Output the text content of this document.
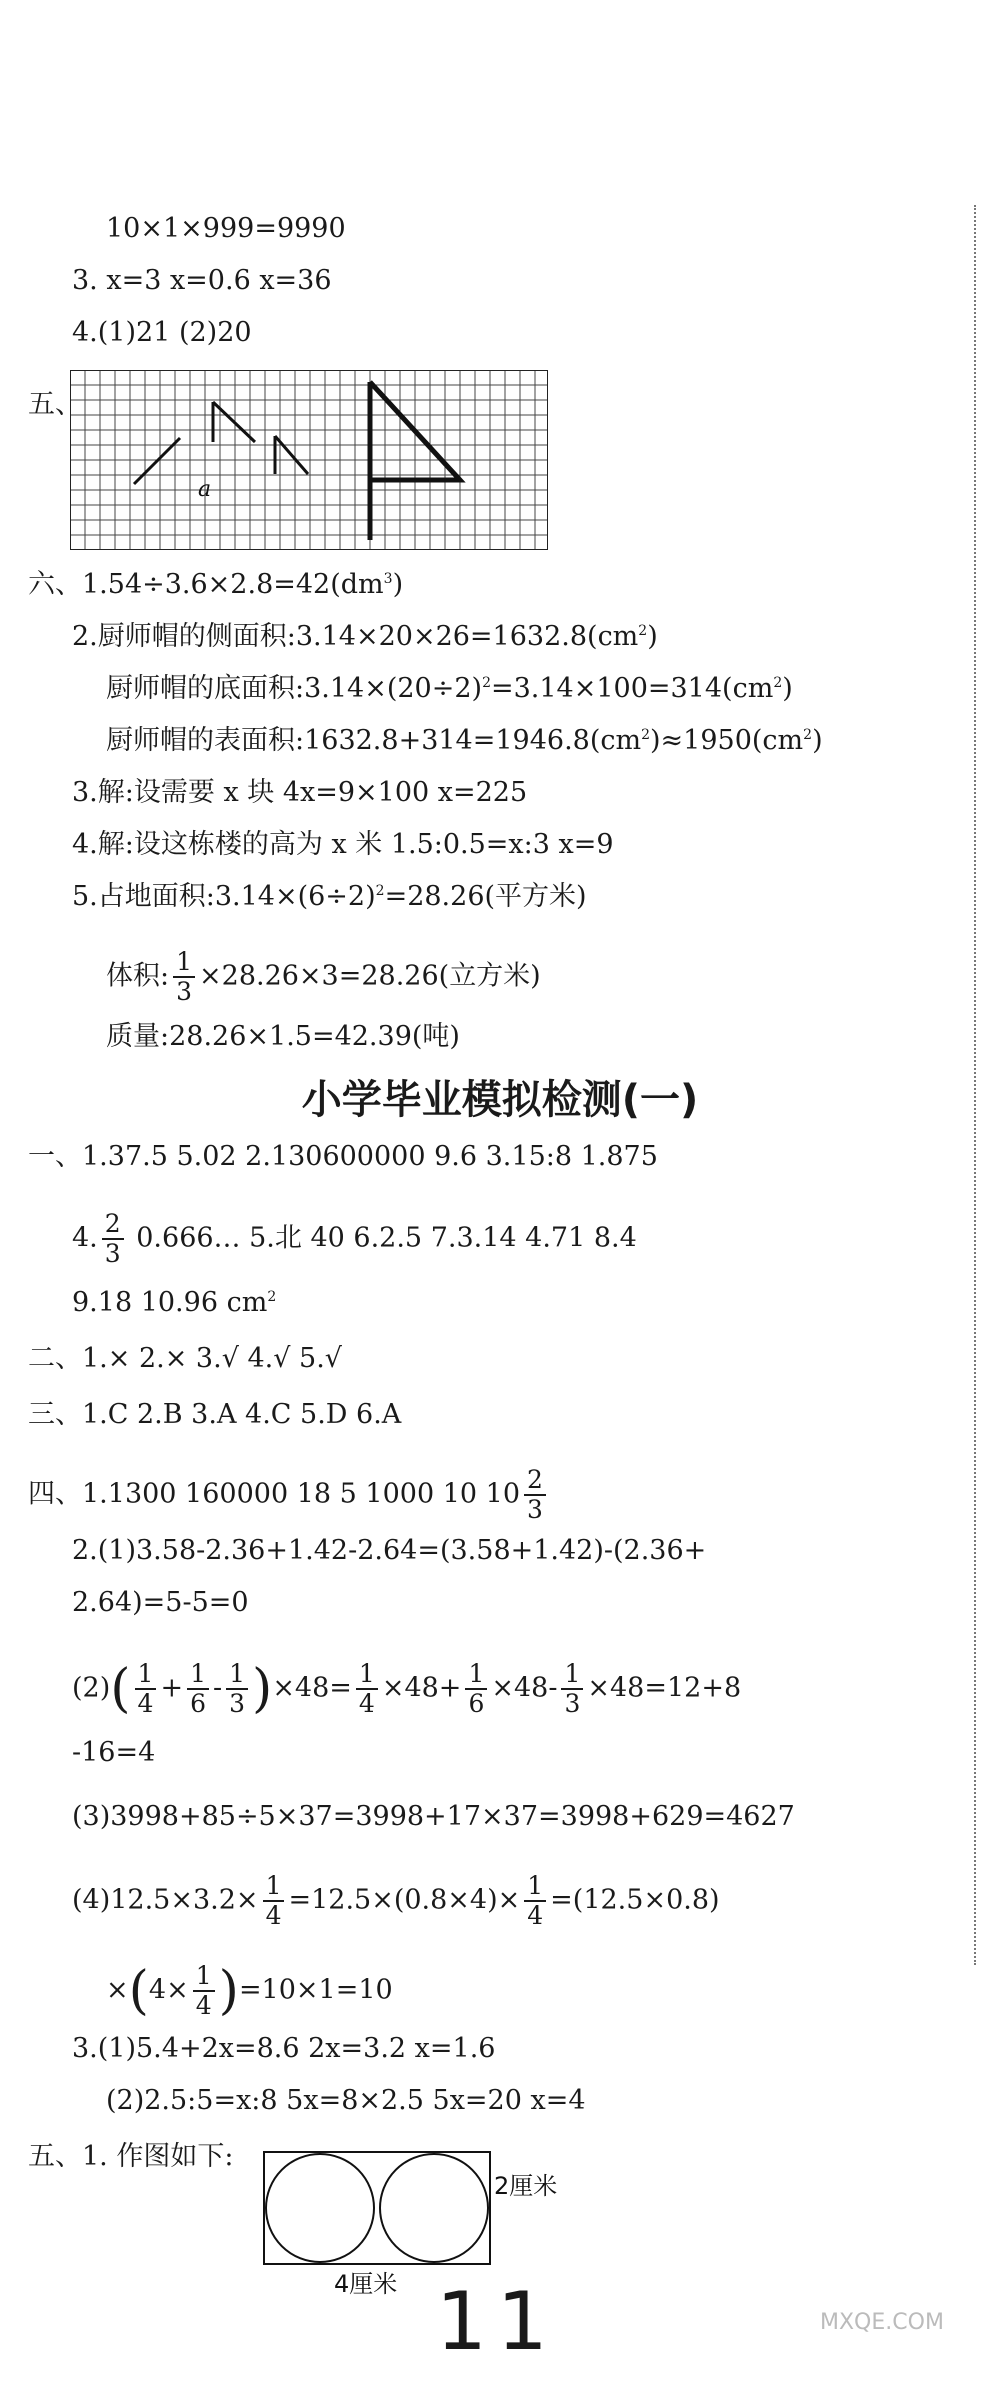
10×1×999=9990
3. x=3 x=0.6 x=36
4.(1)21 (2)20
五、
a
六、$1.54\div 3.6\times 2.8=42(dm^3)$
2.厨师帽的侧面积$:3.14\times 20\times 26=1632.8(cm^2)$
厨师帽的底面积$:3.14\times(20\div 2)^2=3.14\times 100=314(cm^2)$
厨师帽的表面积$:1632.8+314=1946.8(cm^2)\approx 1950(cm^2)$
3.解:设需要 x 块 4x=9×100 x=225
4.解:设这栋楼的高为 x 米 1.5:0.5=x:3 x=9
5.占地面积$:3.14\times(6\div 2)^2=28.26$(平方米)
体积: $\frac{1}{3} \times 28.26\times 3=28.26$(立方米)
质量:28.26×1.5=42.39(吨)
小学毕业模拟检测(一)
一、1.37.5 5.02 2.130600000 9.6 3.15:8 1.875
4. $\frac{2}{3}$ 0.666… 5.北 40 6.2.5 7.3.14 4.71 8.4
9.18 10.96 $cm^2$
二、1.× 2.× 3.√ 4.√ 5.√
三、1.C 2.B 3.A 4.C 5.D 6.A
四、1.1300 160000 18 5 1000 10 $10 \frac{2}{3}$
2.(1)3.58-2.36+1.42-2.64=(3.58+1.42)-(2.36+
2.64)=5-5=0
$(2)( \frac{1}{4} + \frac{1}{6} - \frac{1}{3} )\times 48= \frac{1}{4} \times 48+ \frac{1}{6} \times 48- \frac{1}{3} \times 48=12+8$
-16=4
(3)3998+85÷5×37=3998+17×37=3998+629=4627
$(4)12.5\times 3.2\times \frac{1}{4} =12.5\times(0.8\times 4)\times \frac{1}{4} =(12.5\times 0.8)$
$\times(4\times \frac{1}{4} )=10\times 1=10$
3.(1)5.4+2x=8.6 2x=3.2 x=1.6
(2)2.5:5=x:8 5x=8×2.5 5x=20 x=4
五、1. 作图如下:
2厘米
4厘米 11	MXQE.COM
